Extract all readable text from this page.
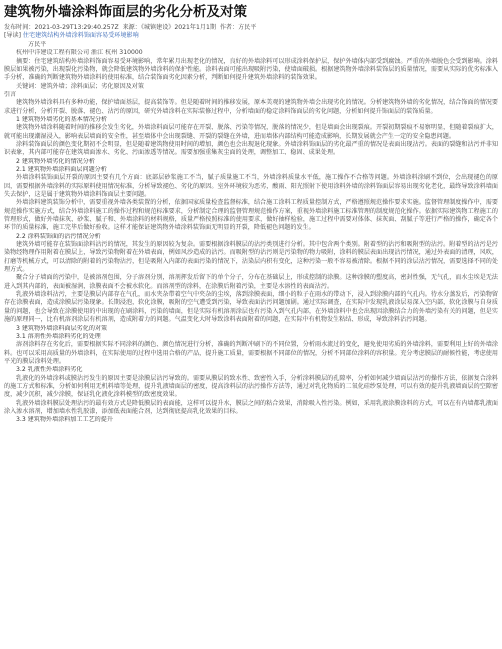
建筑物外墙涂料饰面层的劣化分析及对策
发布时间：2021-03-29T13:29:40.257Z 来源：《城镇建设》2021年1月1期 作者：方民平
[导读] 住宅建筑结构外墙涂料饰面容易受环境影响
方民平
杭州中洋建设工程有限公司 浙江 杭州 310000

摘要：住宅建筑结构外墙涂料饰面容易受环境影响，常年累月出现老化的情况，良好的外墙涂料可以形成涂料保护层，保护外墙体内部受到腐蚀。严重的外墙脱色会受到影响。涂料膜层如果被污染，出现裂化污染物，就会降低建筑物外墙涂料的保护性能。涂料表面可能出现吸附污染，使墙面破损。根据建筑物外墙涂料装饰层的质量情况，需要从实际的优劣标准入手分析，准确的判断建筑物外墙涂料的使用标准，结合装饰面劣化因素分析，判断如何提升建筑外墙涂料的装饰效果。

关键词：建筑外墙；涂料面层；劣化原因及对策

引言

建筑物外墙涂料具有多种功能，保护墙面基层，提高装饰等。但是随着时间的推移发展，原本美观的建筑物外墙会出现劣化的情况。分析建筑物外墙的劣化情况，结合饰面的情况要求进行分析，分析开裂、脱落、褪色、沾污的原因，研究外墙涂料在实际装修过程中，分析墙面的稳定涂料饰面层的劣化问题，分析如何提升饰面层的装饰质量。

1 建筑物外墙劣化的基本情况分析

建筑物外墙涂料随着时间的推移会发生劣化，外墙涂料面层可能存在开裂、脱落、污染等情况，脱落的情况少，但是墙面会出现裂痕。开裂初期裂痕不易察明显，但随着裂痕扩大，就可能出现潮湿浸入，影响表层墙面的安全性，甚至墙体中会出现裂缝、开裂的裂缝在外墙，进而墙体内部结构可能造成影响，长期发展就会产生一定的安全隐患问题。

涂料装饰面层的颜色变化期初不会明显，但是随着建筑物使用时间的增加，颜色也会出现退化现象。外墙涂料饰面层的劣化最严重的情况是表面出现沾污。表面的裂缝和沾污并非知识表象，其内部可能存在建筑墙面渗水、劣化、污面渗透等情况。需要加强重集灰尘面的处理，调整加工、稳固、成果处理。

2 建筑物外墙劣化的情况分析
2.1 建筑物外墙涂料面层问题分析

外墙涂料装饰面层开裂的原因主要有几个方面：底部层砂浆施工不当，腻子质量施工不当，外墙涂料质量水平低，施工操作不合格等问题。外墙涂料涂刷不到位，会出现褪色的原因，需要根据外墙涂料的实际原料使用情况标准，分析导致褪色、劣化的原因。室外环境较为恶劣，酸雨、阳光照射下使用涂料外墙的涂料饰面层容易出现劣化老化，最终导致涂料墙面失去保护，这是属于建筑物外墙涂料饰面层主要问题。

外墙涂料建筑装饰分析中，需要重视外墙各类装置的分析，依据国家质量检查监督标准，结合施工涂料工程质量控制方式，严格遵照规范操作要求实施。监督管理制度操作中，需要规范操作实施方式，结合外墙涂料施工的操作过程和规范标准要求，分析制定合理的监督管理规范操作方案，重视外墙涂料施工标准管理的制度规范化操作。依据实际建筑物工程施工的管理形式，做好外墙抹灰、砂浆、腻子和、外墙涂料的材料规格，质量严格按照标准的使用要求，做好抽样检验，施工过程中需要对体体、抹灰面、刮腻子等进行严格的操作，确定各个环节的质量标准，施工完毕后做好验收。这样才能保证建筑物外墙涂料装饰面无明显的开裂，降低褪色问题的发生。

2.2 涂料装饰面的沾污情况分析

建筑外墙可能存在装饰面涂料沾污的情况，其发生的原因较为复杂。需要根据涂料膜层的沾污类别进行分析。其中包含两个类别。附着型的沾污和吸附型的沾污。附着型的沾污是污染物经物理作用附着在膜层上，导致污染物附着在外墙表面，例如风沙造成的沾污。而吸附型的沾污则是污染物的物力吸附，涂料的膜层表面出现沾污情况，通过外表面的清理，风吹，打磨等机械方式，可以清除的附着的污染物沾污，但是吸附入内部的表面污染的情况下，沾染层内积有变化，这种污染一般不容易被清除。根据不同的涂层沾污情况，需要选择不同的处理方式。

聚合分子墙面的污染中，是被溶剂包围，分子溶剂分别，溶剂挥发后留下的单个分子，分布在基础层上，形成控制的涂膜。这种涂膜的塑度高，密封性强，无气孔，而水尘埃是无法进入到其内部的，表面被湿润，涂膜表面不会被水软化。而溶剂型的涂料，在涂膜后附着污染，主要是水溶性的表面沾污。

乳液外墙涂料沾污，主要是膜层内部存在气孔，而水夹杂带着空气中夹杂的尘埃，落到涂膜表面，细小的粒子在雨水的带动下，浸入到涂膜内部的气孔内。待水分蒸发后，污染物留存在涂膜表面，造成涂膜层污染现象。长期浸泡，软化涂膜，吸附的空气遭受到污染，导致表面沾污问题加剧。通过实际调查，在实际中发现乳液涂层易深入空内部，软化涂膜与自身质量的问题，也会导致在涂膜使用的中出现的在刷涂料，污染的墙面，但是实际有机溶剂涂层也有污染入到气孔内部，在外墙涂料中也会出现因涂膜结合力的外墙污染有关的问题，但是实施的原理同一，比有机溶剂涂层有机溶剂，造成附着力的问题。气温变化大时导致涂料表面附着的问题，在实际中有机物发生粘结、形成，导致涂料沾污问题。

3 建筑物外墙涂料面层劣化的对策
3.1 溶剂性外墙涂料劣化的处理

溶剂涂料存在劣化后，需要根据实际不同涂料的颜色、颜色情况进行分析，准确的判断冲刷下的不同位置，分析雨水流过的变化，避免使用劣质的外墙涂料，需要利用上好的外墙涂料。也可以采用高质量的外墙涂料，在实际使用的过程中选用合格的产品，提升施工质量，需要根据不同部位的情况，分析不同部位涂料的容积量。充分考虑膜层的耐候性能，考虑使用平光的膜层涂料处理。

3.2 乳液性外墙涂料劣化

乳液化的外墙涂料或膜沾污发生的原因主要是涂膜层沾污导致的。需要从膜层的致水性、致密性入手，分析涂料膜层的孔隙率，分析如何减少墙面层沾污的操作方法，依据复合涂料的施工方式和标准，分析如何利用无机料墙等处理，提升乳液墙面层的密度，提高涂料层的沾污操作方法等，通过对乳化物质的二氧化硅纱泵处理，可以有效的提升乳液墙面层的空隙密度，减少沉积，减少涂膜，保证乳化液化涂料模型的致密度效果。

乳液外墙涂料膜层处理沾污的最有效方式是降低膜层的表面能，这样可以提升水，膜层之间的粘合效果，消除吸入性污染。例如，采用乳液涂膜涂料的方式，可以在有内墙都乳液面涂入渗水溶剂，增加墙水性乳胶漆，添加低表面能合剂，达到彻底提高乳化效果的目标。

3.3 建筑物外墙涂料加工工艺的提升
